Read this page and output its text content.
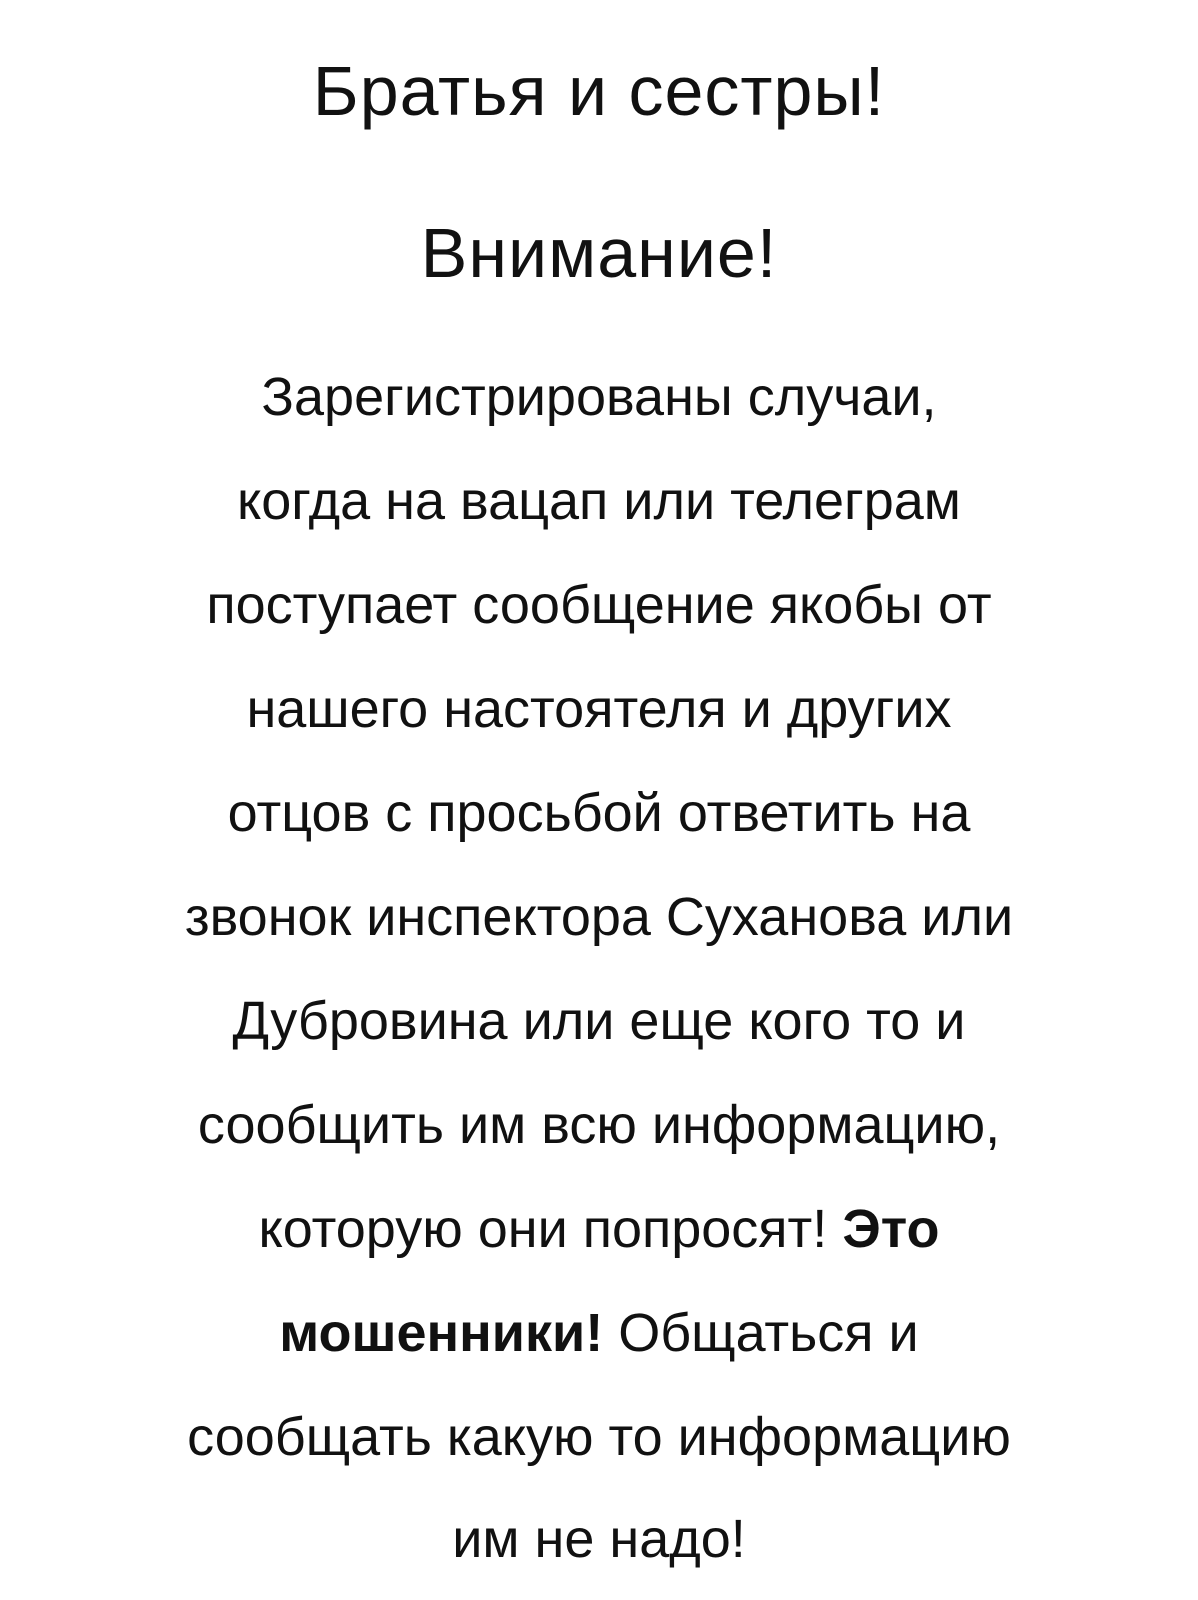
Братья и сестры!
Внимание!
Зарегистрированы случаи,
когда на вацап или телеграм
поступает сообщение якобы от
нашего настоятеля и других
отцов с просьбой ответить на
звонок инспектора Суханова или
Дубровина или еще кого то и
сообщить им всю информацию,
которую они попросят! Это
мошенники! Общаться и
сообщать какую то информацию
им не надо!
